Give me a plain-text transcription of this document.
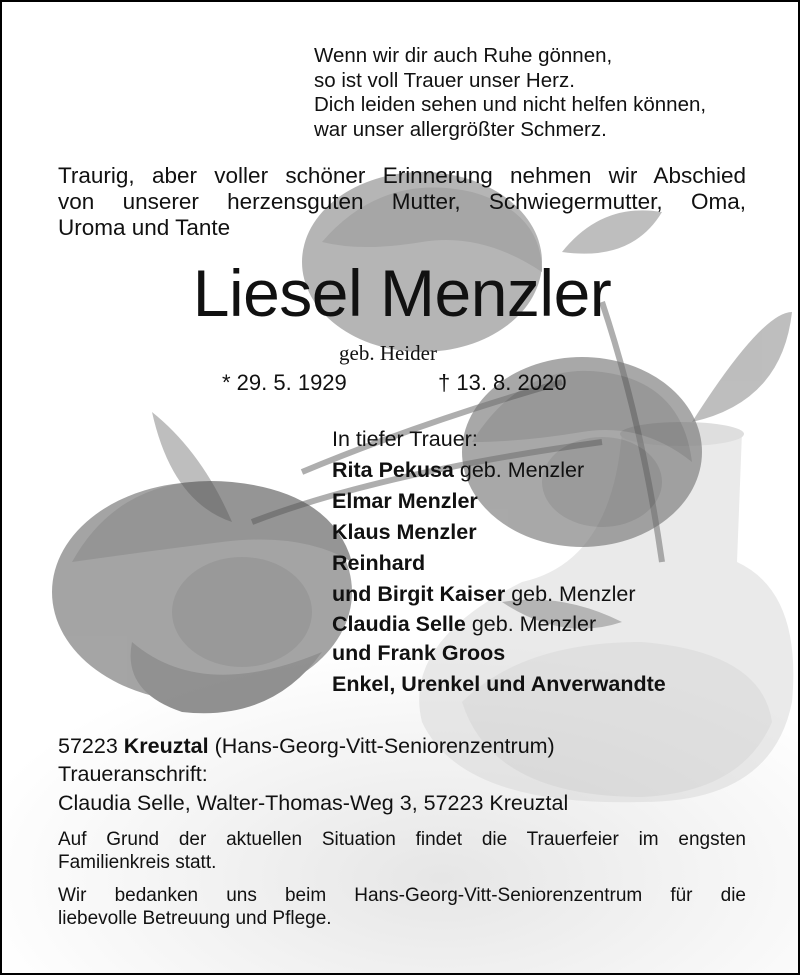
Wenn wir dir auch Ruhe gönnen,
so ist voll Trauer unser Herz.
Dich leiden sehen und nicht helfen können,
war unser allergrößter Schmerz.
Traurig, aber voller schöner Erinnerung nehmen wir Abschied
von unserer herzensguten Mutter, Schwiegermutter, Oma,
Uroma und Tante
Liesel Menzler
geb. Heider
* 29. 5. 1929	† 13. 8. 2020
In tiefer Trauer:
Rita Pekusa geb. Menzler
Elmar Menzler
Klaus Menzler
Reinhard
und Birgit Kaiser geb. Menzler
Claudia Selle geb. Menzler
und Frank Groos
Enkel, Urenkel und Anverwandte
57223 Kreuztal (Hans-Georg-Vitt-Seniorenzentrum)
Traueranschrift:
Claudia Selle, Walter-Thomas-Weg 3, 57223 Kreuztal
Auf Grund der aktuellen Situation findet die Trauerfeier im engsten
Familienkreis statt.
Wir bedanken uns beim Hans-Georg-Vitt-Seniorenzentrum für die
liebevolle Betreuung und Pflege.
